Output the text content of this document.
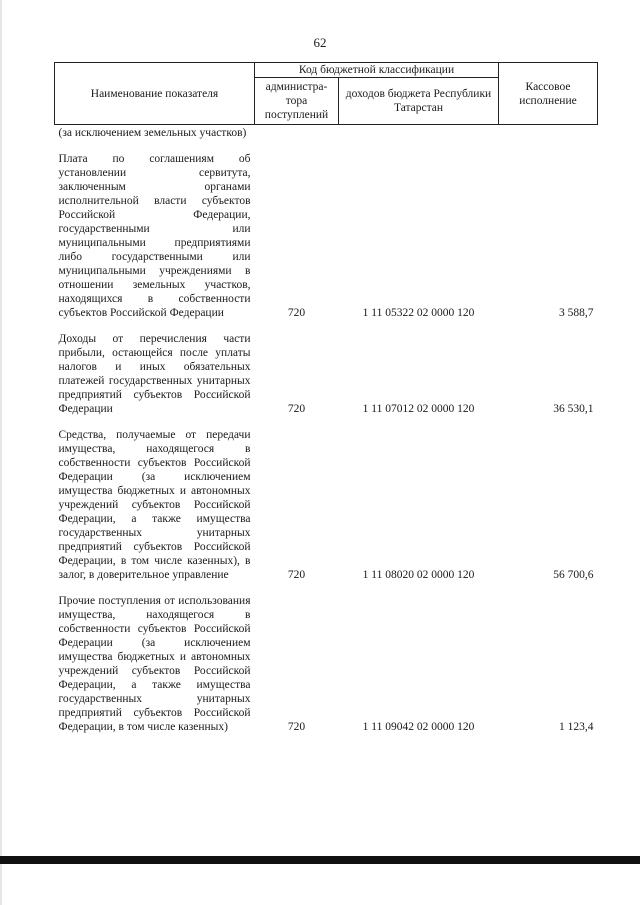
62
Наименование показателя	Код бюджетной классификации		Кассовое исполнение
	администра-тора поступлений	доходов бюджета Республики Татарстан	
(за исключением земельных участков)			
Плата по соглашениям об установлении сервитута, заключенным органами исполнительной власти субъектов Российской Федерации, государственными или муниципальными предприятиями либо государственными или муниципальными учреждениями в отношении земельных участков, находящихся в собственности субъектов Российской Федерации	720	1 11 05322 02 0000 120	3 588,7
Доходы от перечисления части прибыли, остающейся после уплаты налогов и иных обязательных платежей государственных унитарных предприятий субъектов Российской Федерации	720	1 11 07012 02 0000 120	36 530,1
Средства, получаемые от передачи имущества, находящегося в собственности субъектов Российской Федерации (за исключением имущества бюджетных и автономных учреждений субъектов Российской Федерации, а также имущества государственных унитарных предприятий субъектов Российской Федерации, в том числе казенных), в залог, в доверительное управление	720	1 11 08020 02 0000 120	56 700,6
Прочие поступления от использования имущества, находящегося в собственности субъектов Российской Федерации (за исключением имущества бюджетных и автономных учреждений субъектов Российской Федерации, а также имущества государственных унитарных предприятий субъектов Российской Федерации, в том числе казенных)	720	1 11 09042 02 0000 120	1 123,4
